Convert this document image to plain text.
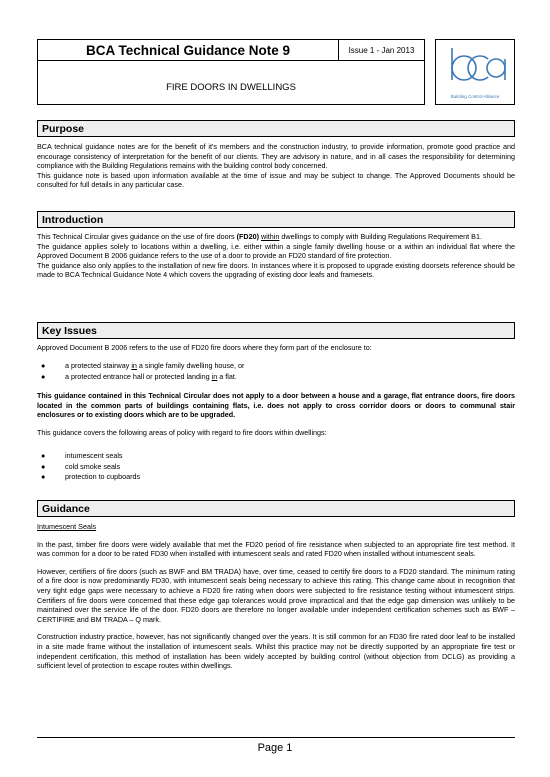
BCA Technical Guidance Note 9	Issue 1 - Jan 2013
FIRE DOORS IN DWELLINGS
Building Control Alliance
Purpose

BCA technical guidance notes are for the benefit of it's members and the construction industry, to provide information, promote good practice and encourage consistency of interpretation for the benefit of our clients. They are advisory in nature, and in all cases the responsibility for determining compliance with the Building Regulations remains with the building control body concerned.

This guidance note is based upon information available at the time of issue and may be subject to change. The Approved Documents should be consulted for full details in any particular case.

Introduction

This Technical Circular gives guidance on the use of fire doors (FD20) within dwellings to comply with Building Regulations Requirement B1.

The guidance applies solely to locations within a dwelling, i.e. either within a single family dwelling house or a within an individual flat where the Approved Document B 2006 guidance refers to the use of a door to provide an FD20 standard of fire protection.

The guidance also only applies to the installation of new fire doors. In instances where it is proposed to upgrade existing doorsets reference should be made to BCA Technical Guidance Note 4 which covers the upgrading of existing door leafs and framesets.

Key Issues
Approved Document B 2006 refers to the use of FD20 fire doors where they form part of the enclosure to:
●	a protected stairway in a single family dwelling house, or
●	a protected entrance hall or protected landing in a flat.
This guidance contained in this Technical Circular does not apply to a door between a house and a garage, flat entrance doors, fire doors located in the common parts of buildings containing flats, i.e. does not apply to cross corridor doors or doors to communal stair enclosures or to existing doors which are to be upgraded.
This guidance covers the following areas of policy with regard to fire doors within dwellings:
●	intumescent seals
●	cold smoke seals
●	protection to cupboards
Guidance

Intumescent Seals

In the past, timber fire doors were widely available that met the FD20 period of fire resistance when subjected to an appropriate fire test method. It was common for a door to be rated FD30 when installed with intumescent seals and rated FD20 when installed without intumescent seals.

However, certifiers of fire doors (such as BWF and BM TRADA) have, over time, ceased to certify fire doors to a FD20 standard. The minimum rating of a fire door is now predominantly FD30, with intumescent seals being necessary to achieve this rating. This change came about in recognition that very tight edge gaps were necessary to achieve a FD20 fire rating when doors were subjected to fire resistance testing without intumescent strips. Certifiers of fire doors were concerned that these edge gap tolerances would prove impractical and that the edge gap dimension was unlikely to be maintained over the service life of the door. FD20 doors are therefore no longer available under independent certification schemes such as BWF – CERTIFIRE and BM TRADA – Q mark.

Construction industry practice, however, has not significantly changed over the years. It is still common for an FD30 fire rated door leaf to be installed in a site made frame without the installation of intumescent seals. Whilst this practice may not be directly supported by an appropriate fire test or independent certification, this method of installation has been widely accepted by building control (without objection from DCLG) as providing a sufficient level of protection to escape routes within dwellings.

Page 1
